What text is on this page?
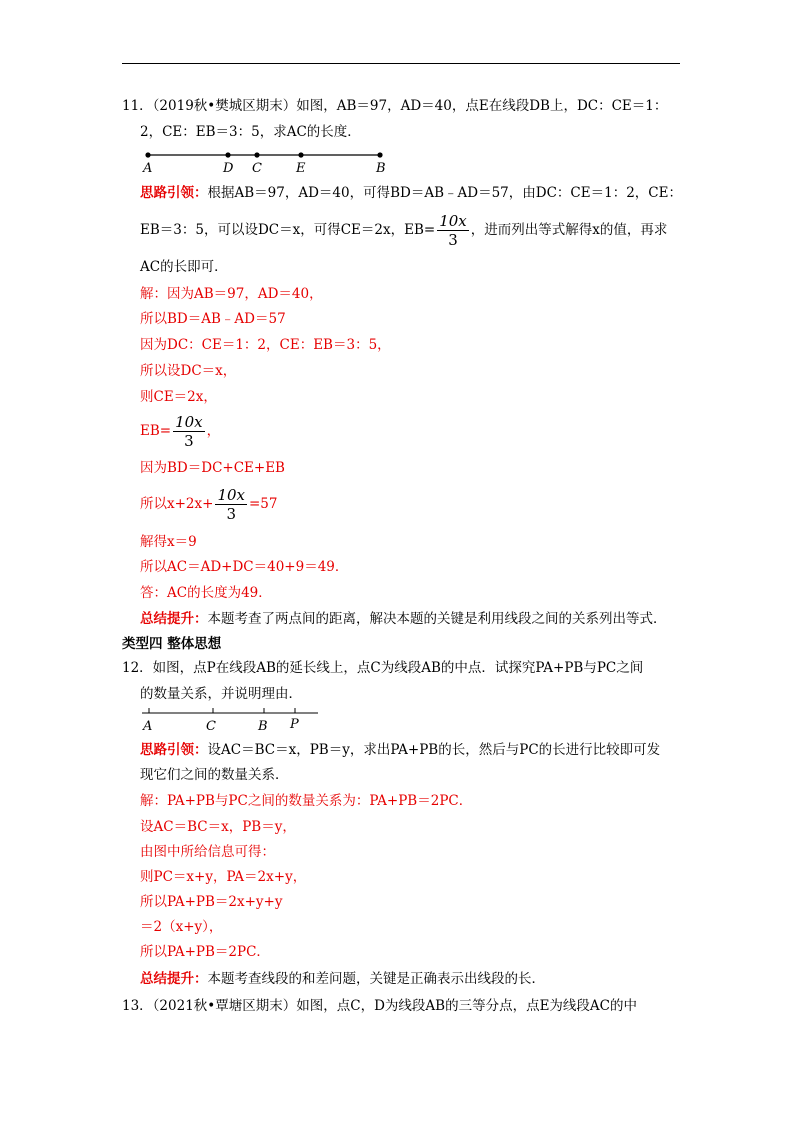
11．（2019秋•樊城区期末）如图，AB＝97，AD＝40，点E在线段DB上，DC：CE＝1：
2，CE：EB＝3：5，求AC的长度．
A	D C	E	B
思路引领：根据AB＝97，AD＝40，可得BD＝AB﹣AD＝57，由DC：CE＝1：2，CE：
EB＝3：5，可以设DC＝x，可得CE＝2x，$EB= \frac{10x}{3}$ ，进而列出等式解得x的值，再求
AC的长即可．
解：因为AB＝97，AD＝40，
所以BD＝AB﹣AD＝57
因为DC：CE＝1：2，CE：EB＝3：5，
所以设DC＝x，
则CE＝2x，
$EB= \frac{10x}{3}$ ，
因为BD＝DC+CE+EB
所以$x+2x+ \frac{10x}{3} =57$
解得x＝9
所以AC＝AD+DC＝40+9＝49．
答：AC的长度为49．
总结提升：本题考查了两点间的距离，解决本题的关键是利用线段之间的关系列出等式．
类型四 整体思想
12．如图，点P在线段AB的延长线上，点C为线段AB的中点．试探究PA+PB与PC之间
的数量关系，并说明理由．
A	C	B P
思路引领：设AC＝BC＝x，PB＝y，求出PA+PB的长，然后与PC的长进行比较即可发
现它们之间的数量关系．
解：PA+PB与PC之间的数量关系为：PA+PB＝2PC．
设AC＝BC＝x，PB＝y，
由图中所给信息可得：
则PC＝x+y，PA＝2x+y，
所以PA+PB＝2x+y+y
＝2（x+y），
所以PA+PB＝2PC．
总结提升：本题考查线段的和差问题，关键是正确表示出线段的长．
13．（2021秋•覃塘区期末）如图，点C，D为线段AB的三等分点，点E为线段AC的中
